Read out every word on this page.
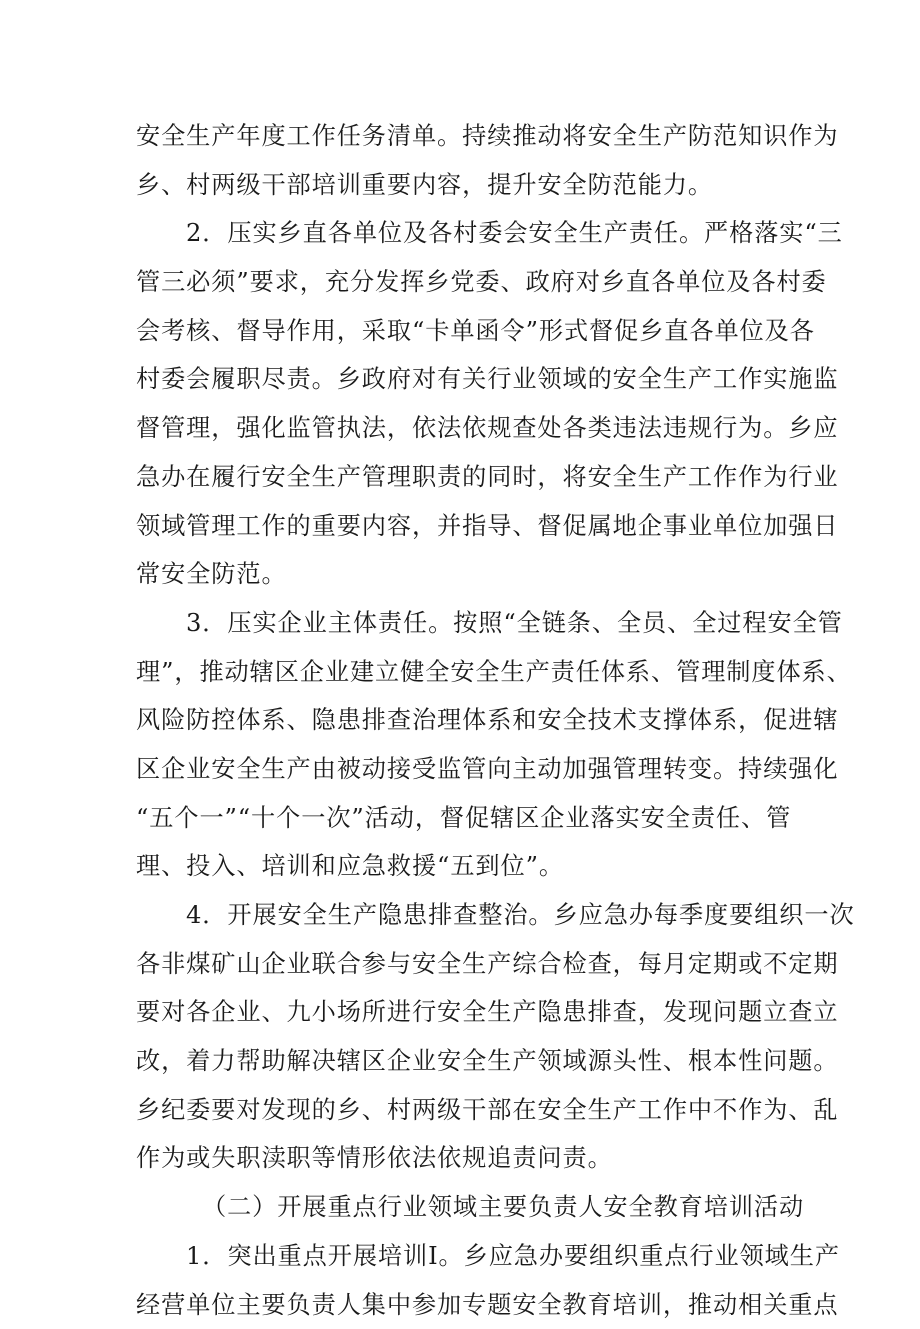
安全生产年度工作任务清单。持续推动将安全生产防范知识作为
乡、村两级干部培训重要内容，提升安全防范能力。
2．压实乡直各单位及各村委会安全生产责任。严格落实“三
管三必须”要求，充分发挥乡党委、政府对乡直各单位及各村委
会考核、督导作用，采取“卡单函令”形式督促乡直各单位及各
村委会履职尽责。乡政府对有关行业领域的安全生产工作实施监
督管理，强化监管执法，依法依规查处各类违法违规行为。乡应
急办在履行安全生产管理职责的同时，将安全生产工作作为行业
领域管理工作的重要内容，并指导、督促属地企事业单位加强日
常安全防范。
3．压实企业主体责任。按照“全链条、全员、全过程安全管
理”，推动辖区企业建立健全安全生产责任体系、管理制度体系、
风险防控体系、隐患排查治理体系和安全技术支撑体系，促进辖
区企业安全生产由被动接受监管向主动加强管理转变。持续强化
“五个一”“十个一次”活动，督促辖区企业落实安全责任、管
理、投入、培训和应急救援“五到位”。
4．开展安全生产隐患排查整治。乡应急办每季度要组织一次
各非煤矿山企业联合参与安全生产综合检查，每月定期或不定期
要对各企业、九小场所进行安全生产隐患排查，发现问题立查立
改，着力帮助解决辖区企业安全生产领域源头性、根本性问题。
乡纪委要对发现的乡、村两级干部在安全生产工作中不作为、乱
作为或失职渎职等情形依法依规追责问责。
（二）开展重点行业领域主要负责人安全教育培训活动
1．突出重点开展培训I。乡应急办要组织重点行业领域生产
经营单位主要负责人集中参加专题安全教育培训，推动相关重点
